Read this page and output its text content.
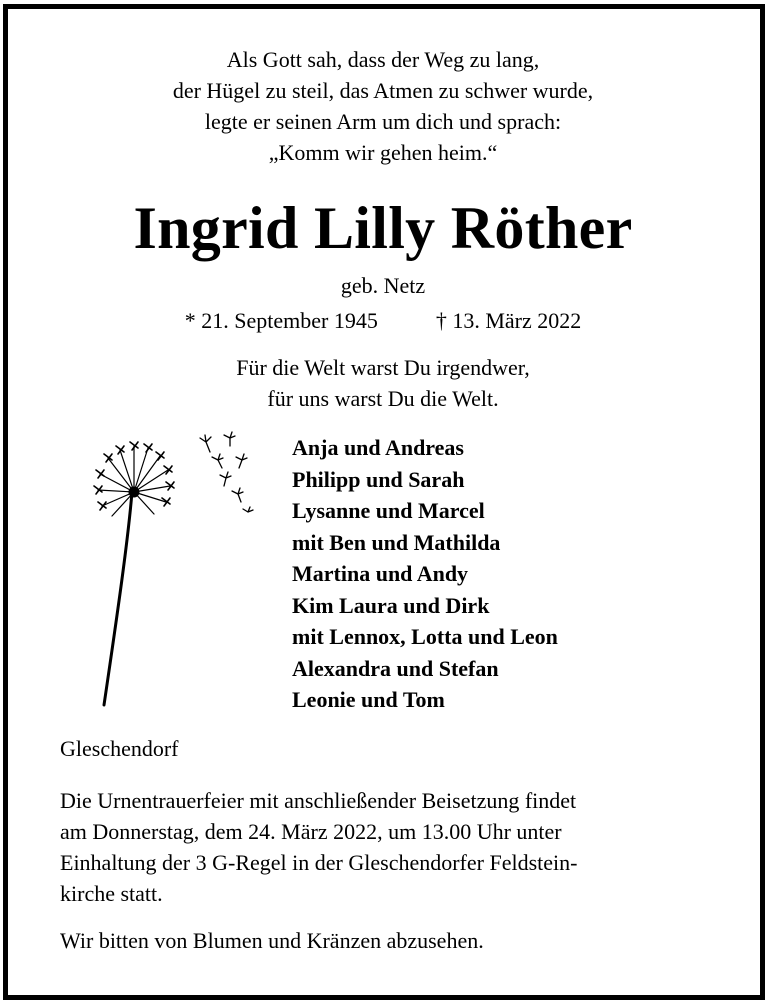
Als Gott sah, dass der Weg zu lang,
der Hügel zu steil, das Atmen zu schwer wurde,
legte er seinen Arm um dich und sprach:
„Komm wir gehen heim.“
Ingrid Lilly Röther
geb. Netz
* 21. September 1945	† 13. März 2022
Für die Welt warst Du irgendwer,
für uns warst Du die Welt.
Anja und Andreas
Philipp und Sarah
Lysanne und Marcel
mit Ben und Mathilda
Martina und Andy
Kim Laura und Dirk
mit Lennox, Lotta und Leon
Alexandra und Stefan
Leonie und Tom
Gleschendorf
Die Urnentrauerfeier mit anschließender Beisetzung findet
am Donnerstag, dem 24. März 2022, um 13.00 Uhr unter
Einhaltung der 3 G-Regel in der Gleschendorfer Feldstein-
kirche statt.
Wir bitten von Blumen und Kränzen abzusehen.
